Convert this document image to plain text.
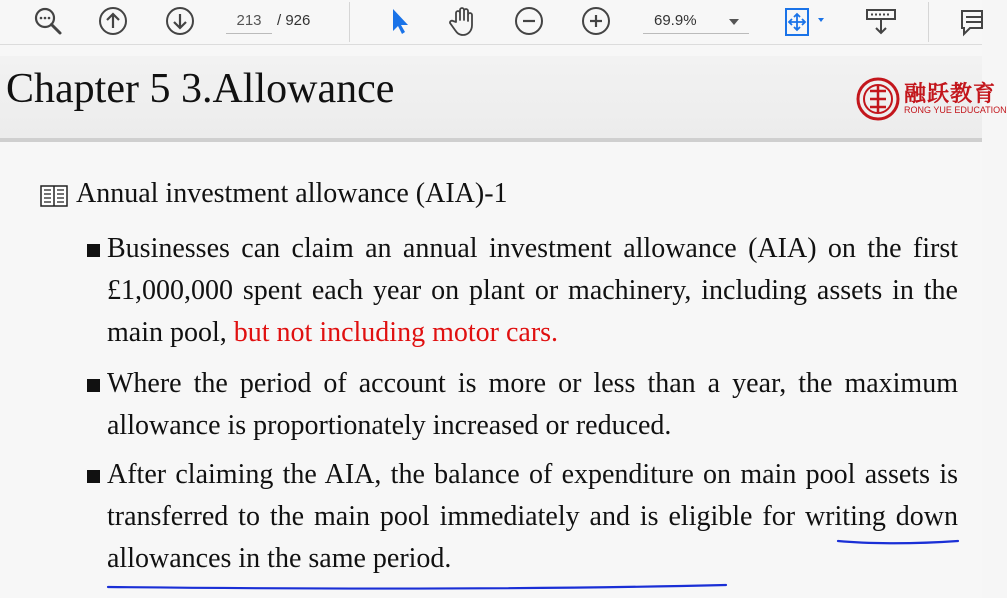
213	/ 926	69.9%
Chapter 5 3.Allowance	融跃教育
RONG YUE EDUCATION
Annual investment allowance (AIA)-1
Businesses can claim an annual investment allowance (AIA) on the first £1,000,000 spent each year on plant or machinery, including assets in the main pool, but not including motor cars.
Where the period of account is more or less than a year, the maximum allowance is proportionately increased or reduced.
After claiming the AIA, the balance of expenditure on main pool assets is transferred to the main pool immediately and is eligible for writing down allowances in the same period.
